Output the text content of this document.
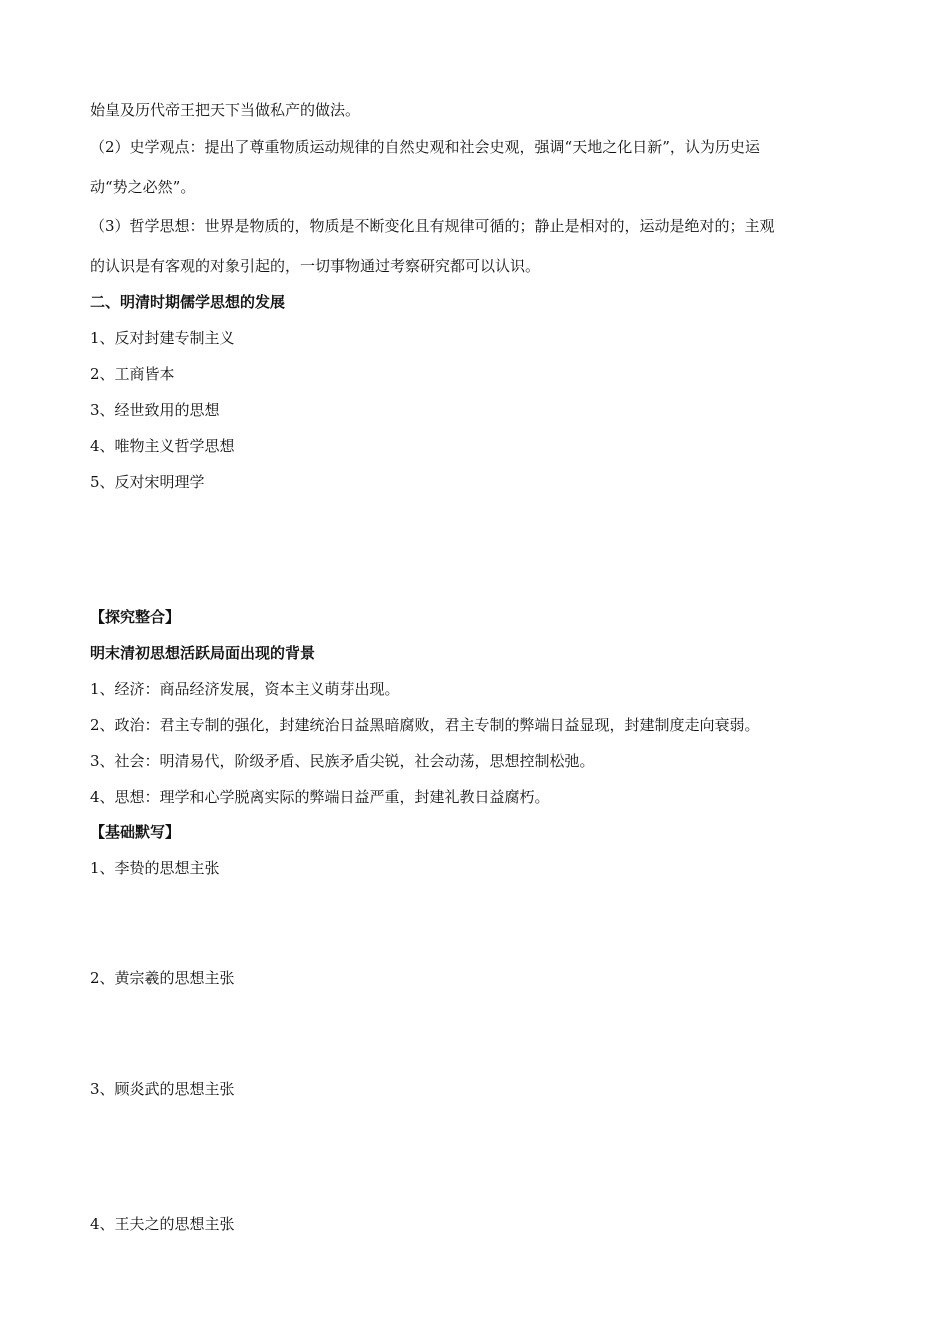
始皇及历代帝王把天下当做私产的做法。
（2）史学观点：提出了尊重物质运动规律的自然史观和社会史观，强调“天地之化日新”，认为历史运
动“势之必然”。
（3）哲学思想：世界是物质的，物质是不断变化且有规律可循的；静止是相对的，运动是绝对的；主观
的认识是有客观的对象引起的，一切事物通过考察研究都可以认识。
二、明清时期儒学思想的发展
1、反对封建专制主义
2、工商皆本
3、经世致用的思想
4、唯物主义哲学思想
5、反对宋明理学
【探究整合】
明末清初思想活跃局面出现的背景
1、经济：商品经济发展，资本主义萌芽出现。
2、政治：君主专制的强化，封建统治日益黑暗腐败，君主专制的弊端日益显现，封建制度走向衰弱。
3、社会：明清易代，阶级矛盾、民族矛盾尖锐，社会动荡，思想控制松弛。
4、思想：理学和心学脱离实际的弊端日益严重，封建礼教日益腐朽。
【基础默写】
1、李贽的思想主张
2、黄宗羲的思想主张
3、顾炎武的思想主张
4、王夫之的思想主张
